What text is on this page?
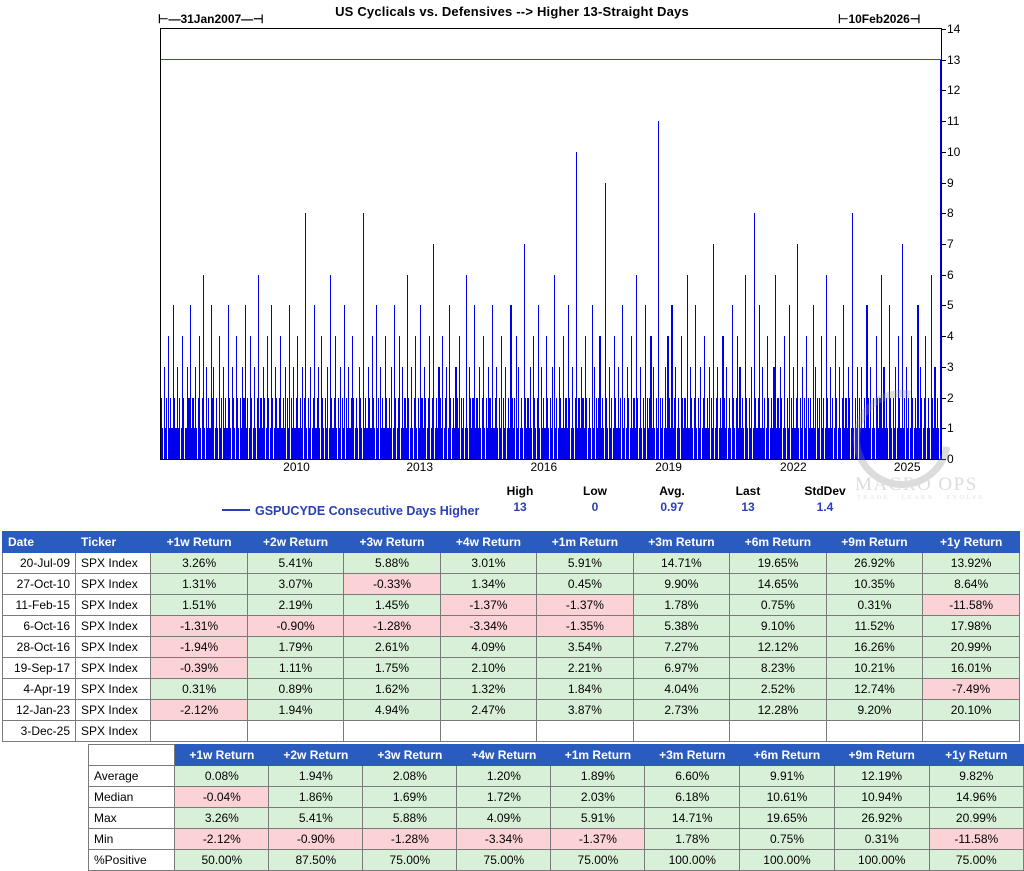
US Cyclicals vs. Defensives --> Higher 13-Straight Days
⊢—31Jan2007—⊣	⊢10Feb2026⊣
0
1
2
3
4
5
6
7
8
9
10
11
12
13
14
2010	2013	2016	2019	2022	2025
High
13
Low
0
Avg.
0.97
Last
13
StdDev
1.4
GSPUCYDE Consecutive Days Higher
MACRO OPS
TRADE · LEARN · EVOLVE
Date	Ticker	+1w Return	+2w Return	+3w Return	+4w Return	+1m Return	+3m Return	+6m Return	+9m Return	+1y Return
20-Jul-09	SPX Index	3.26%	5.41%	5.88%	3.01%	5.91%	14.71%	19.65%	26.92%	13.92%
27-Oct-10	SPX Index	1.31%	3.07%	-0.33%	1.34%	0.45%	9.90%	14.65%	10.35%	8.64%
11-Feb-15	SPX Index	1.51%	2.19%	1.45%	-1.37%	-1.37%	1.78%	0.75%	0.31%	-11.58%
6-Oct-16	SPX Index	-1.31%	-0.90%	-1.28%	-3.34%	-1.35%	5.38%	9.10%	11.52%	17.98%
28-Oct-16	SPX Index	-1.94%	1.79%	2.61%	4.09%	3.54%	7.27%	12.12%	16.26%	20.99%
19-Sep-17	SPX Index	-0.39%	1.11%	1.75%	2.10%	2.21%	6.97%	8.23%	10.21%	16.01%
4-Apr-19	SPX Index	0.31%	0.89%	1.62%	1.32%	1.84%	4.04%	2.52%	12.74%	-7.49%
12-Jan-23	SPX Index	-2.12%	1.94%	4.94%	2.47%	3.87%	2.73%	12.28%	9.20%	20.10%
3-Dec-25	SPX Index									
	+1w Return	+2w Return	+3w Return	+4w Return	+1m Return	+3m Return	+6m Return	+9m Return	+1y Return
Average	0.08%	1.94%	2.08%	1.20%	1.89%	6.60%	9.91%	12.19%	9.82%
Median	-0.04%	1.86%	1.69%	1.72%	2.03%	6.18%	10.61%	10.94%	14.96%
Max	3.26%	5.41%	5.88%	4.09%	5.91%	14.71%	19.65%	26.92%	20.99%
Min	-2.12%	-0.90%	-1.28%	-3.34%	-1.37%	1.78%	0.75%	0.31%	-11.58%
%Positive	50.00%	87.50%	75.00%	75.00%	75.00%	100.00%	100.00%	100.00%	75.00%
